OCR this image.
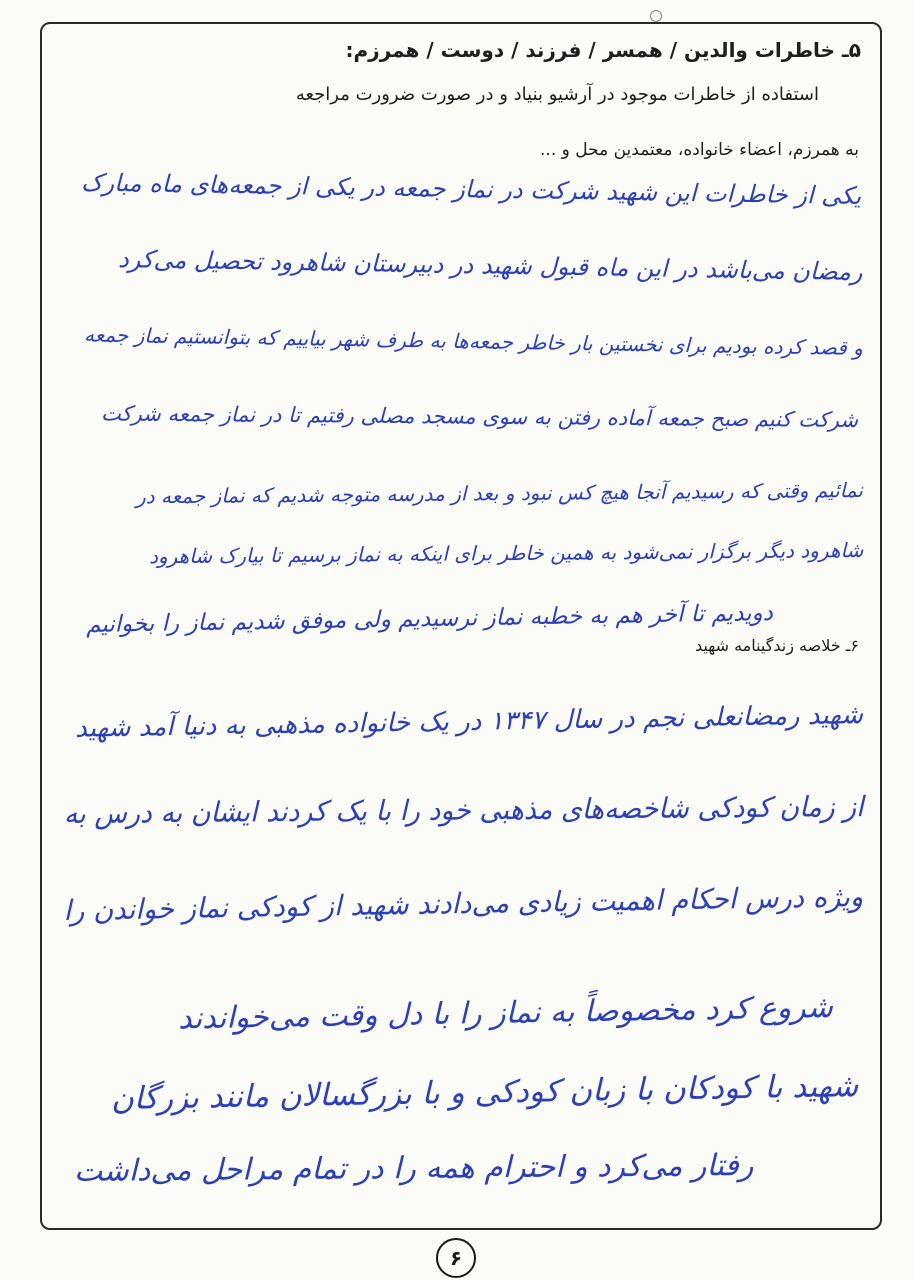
۵ـ خاطرات والدین / همسر / فرزند / دوست / همرزم:
استفاده از خاطرات موجود در آرشیو بنیاد و در صورت ضرورت مراجعه
به همرزم، اعضاء خانواده، معتمدین محل و ...
یکی از خاطرات این شهید شرکت در نماز جمعه در یکی از جمعه‌های ماه مبارک
رمضان می‌باشد در این ماه قبول شهید در دبیرستان شاهرود تحصیل می‌کرد
و قصد کرده بودیم برای نخستین بار خاطر جمعه‌ها به طرف شهر بیاییم که بتوانستیم نماز جمعه
شرکت کنیم صبح جمعه آماده رفتن به سوی مسجد مصلی رفتیم تا در نماز جمعه شرکت
نمائیم وقتی که رسیدیم آنجا هیچ کس نبود و بعد از مدرسه متوجه شدیم که نماز جمعه در
شاهرود دیگر برگزار نمی‌شود به همین خاطر برای اینکه به نماز برسیم تا بیارک شاهرود
دویدیم تا آخر هم به خطبه نماز نرسیدیم ولی موفق شدیم نماز را بخوانیم
۶ـ خلاصه زندگینامه شهید
شهید رمضانعلی نجم در سال ۱۳۴۷ در یک خانواده مذهبی به دنیا آمد شهید
از زمان کودکی شاخصه‌های مذهبی خود را با یک کردند ایشان به درس به
ویژه درس احکام اهمیت زیادی می‌دادند شهید از کودکی نماز خواندن را
شروع کرد مخصوصاً به نماز را با دل وقت می‌خواندند
شهید با کودکان با زبان کودکی و با بزرگسالان مانند بزرگان
رفتار می‌کرد و احترام همه را در تمام مراحل می‌داشت
۶
